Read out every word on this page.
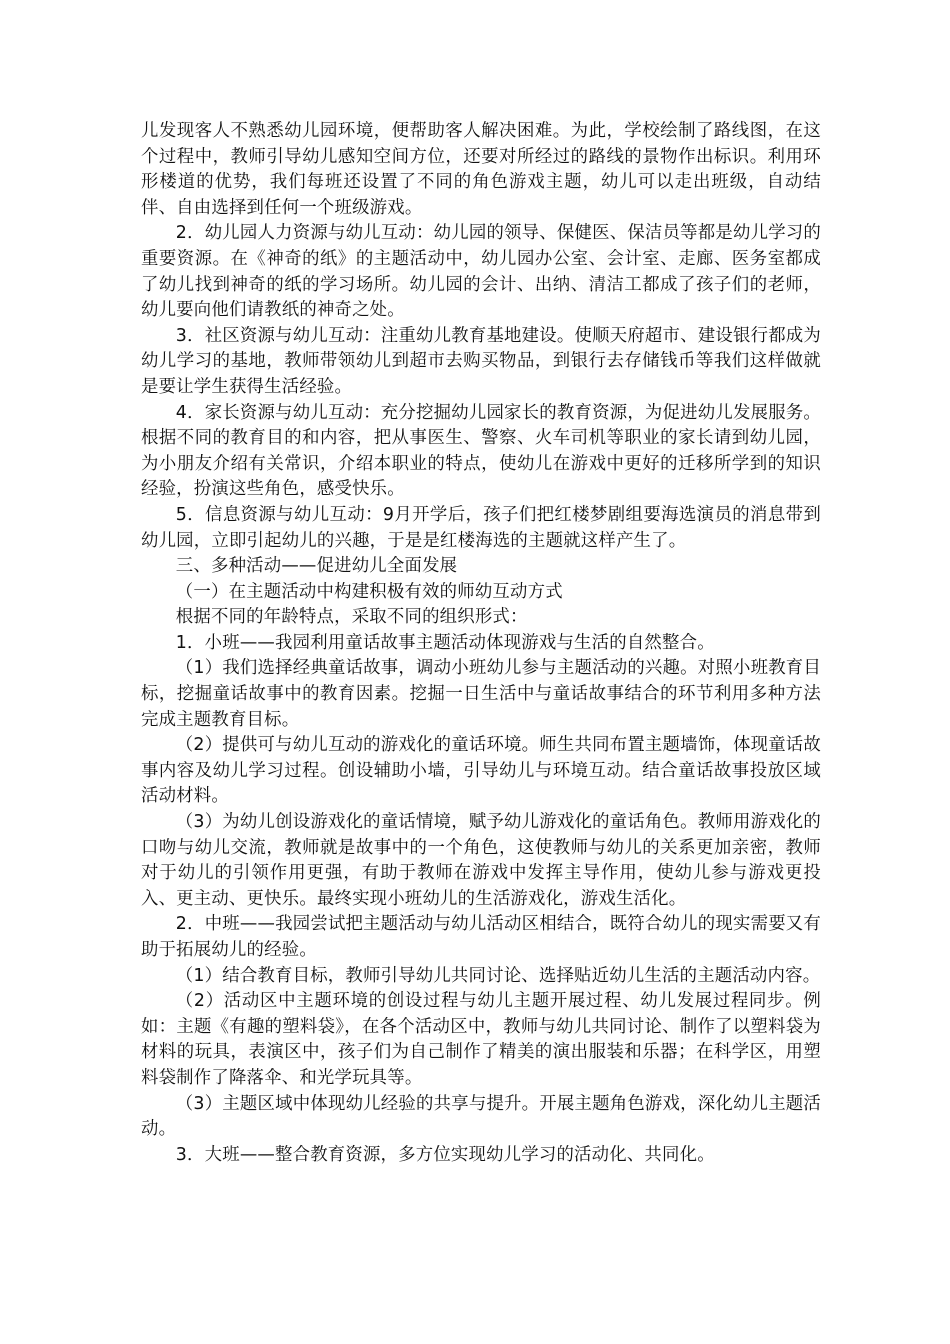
儿发现客人不熟悉幼儿园环境，便帮助客人解决困难。为此，学校绘制了路线图，在这个过程中，教师引导幼儿感知空间方位，还要对所经过的路线的景物作出标识。利用环形楼道的优势，我们每班还设置了不同的角色游戏主题，幼儿可以走出班级，自动结伴、自由选择到任何一个班级游戏。

2．幼儿园人力资源与幼儿互动：幼儿园的领导、保健医、保洁员等都是幼儿学习的重要资源。在《神奇的纸》的主题活动中，幼儿园办公室、会计室、走廊、医务室都成了幼儿找到神奇的纸的学习场所。幼儿园的会计、出纳、清洁工都成了孩子们的老师，幼儿要向他们请教纸的神奇之处。

3．社区资源与幼儿互动：注重幼儿教育基地建设。使顺天府超市、建设银行都成为幼儿学习的基地，教师带领幼儿到超市去购买物品，到银行去存储钱币等我们这样做就是要让学生获得生活经验。

4．家长资源与幼儿互动：充分挖掘幼儿园家长的教育资源，为促进幼儿发展服务。根据不同的教育目的和内容，把从事医生、警察、火车司机等职业的家长请到幼儿园，为小朋友介绍有关常识，介绍本职业的特点，使幼儿在游戏中更好的迁移所学到的知识经验，扮演这些角色，感受快乐。

5．信息资源与幼儿互动：9月开学后，孩子们把红楼梦剧组要海选演员的消息带到幼儿园，立即引起幼儿的兴趣，于是是红楼海选的主题就这样产生了。

三、多种活动——促进幼儿全面发展

（一）在主题活动中构建积极有效的师幼互动方式

根据不同的年龄特点，采取不同的组织形式：

1．小班——我园利用童话故事主题活动体现游戏与生活的自然整合。

（1）我们选择经典童话故事，调动小班幼儿参与主题活动的兴趣。对照小班教育目标，挖掘童话故事中的教育因素。挖掘一日生活中与童话故事结合的环节利用多种方法完成主题教育目标。

（2）提供可与幼儿互动的游戏化的童话环境。师生共同布置主题墙饰，体现童话故事内容及幼儿学习过程。创设辅助小墙，引导幼儿与环境互动。结合童话故事投放区域活动材料。

（3）为幼儿创设游戏化的童话情境，赋予幼儿游戏化的童话角色。教师用游戏化的口吻与幼儿交流，教师就是故事中的一个角色，这使教师与幼儿的关系更加亲密，教师对于幼儿的引领作用更强，有助于教师在游戏中发挥主导作用，使幼儿参与游戏更投入、更主动、更快乐。最终实现小班幼儿的生活游戏化，游戏生活化。

2．中班——我园尝试把主题活动与幼儿活动区相结合，既符合幼儿的现实需要又有助于拓展幼儿的经验。

（1）结合教育目标，教师引导幼儿共同讨论、选择贴近幼儿生活的主题活动内容。

（2）活动区中主题环境的创设过程与幼儿主题开展过程、幼儿发展过程同步。例如：主题《有趣的塑料袋》，在各个活动区中，教师与幼儿共同讨论、制作了以塑料袋为材料的玩具，表演区中，孩子们为自己制作了精美的演出服装和乐器；在科学区，用塑料袋制作了降落伞、和光学玩具等。

（3）主题区域中体现幼儿经验的共享与提升。开展主题角色游戏，深化幼儿主题活动。

3．大班——整合教育资源，多方位实现幼儿学习的活动化、共同化。
